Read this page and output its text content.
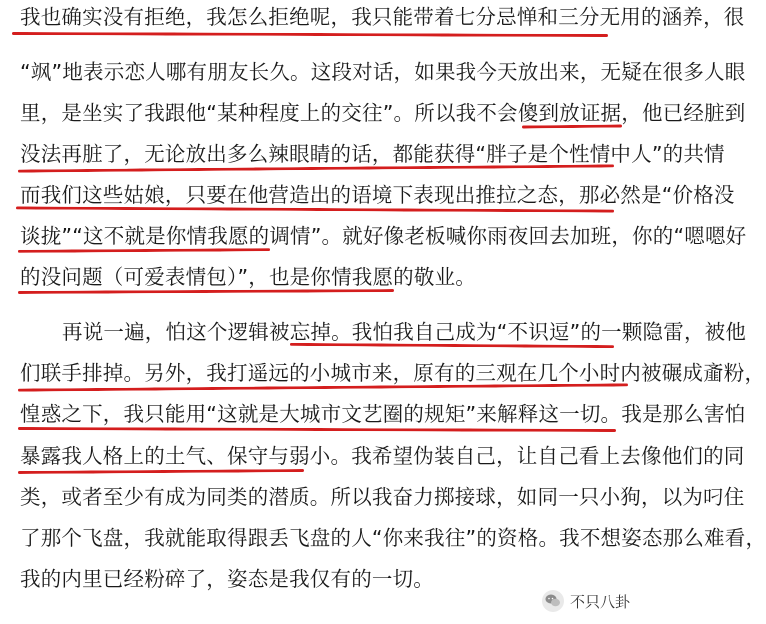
我也确实没有拒绝，我怎么拒绝呢，我只能带着七分忌惮和三分无用的涵养，很
“飒”地表示恋人哪有朋友长久。这段对话，如果我今天放出来，无疑在很多人眼
里，是坐实了我跟他“某种程度上的交往”。所以我不会傻到放证据，他已经脏到
没法再脏了，无论放出多么辣眼睛的话，都能获得“胖子是个性情中人”的共情
而我们这些姑娘，只要在他营造出的语境下表现出推拉之态，那必然是“价格没
谈拢”“这不就是你情我愿的调情”。就好像老板喊你雨夜回去加班，你的“嗯嗯好
的没问题（可爱表情包）”，也是你情我愿的敬业。
再说一遍，怕这个逻辑被忘掉。我怕我自己成为“不识逗”的一颗隐雷，被他
们联手排掉。另外，我打遥远的小城市来，原有的三观在几个小时内被碾成齑粉，
惶惑之下，我只能用“这就是大城市文艺圈的规矩”来解释这一切。我是那么害怕
暴露我人格上的土气、保守与弱小。我希望伪装自己，让自己看上去像他们的同
类，或者至少有成为同类的潜质。所以我奋力掷接球，如同一只小狗，以为叼住
了那个飞盘，我就能取得跟丢飞盘的人“你来我往”的资格。我不想姿态那么难看，
我的内里已经粉碎了，姿态是我仅有的一切。
不只八卦
